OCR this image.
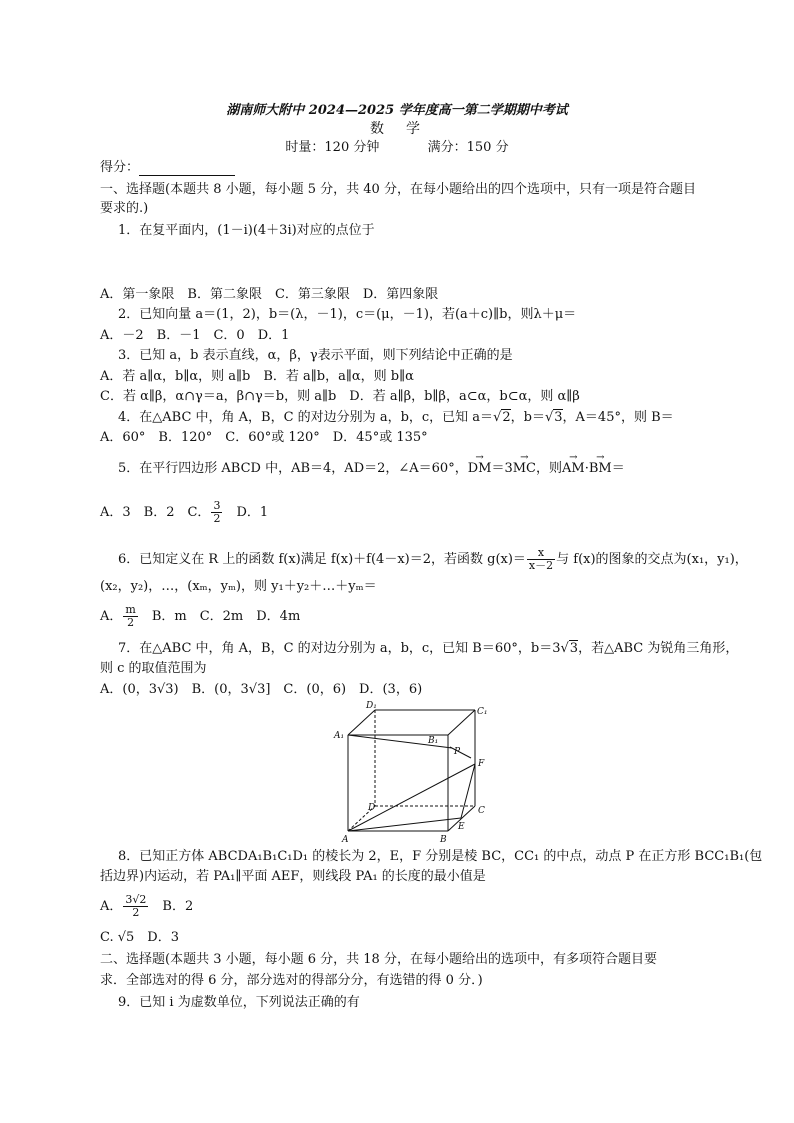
湖南师大附中 2024—2025 学年度高一第二学期期中考试
数　学
时量：120 分钟	满分：150 分
得分：
一、选择题(本题共 8 小题，每小题 5 分，共 40 分，在每小题给出的四个选项中，只有一项是符合题目
要求的.)
1．在复平面内，(1－i)(4＋3i)对应的点位于
A．第一象限　B．第二象限　C．第三象限　D．第四象限
2．已知向量 a＝(1，2)，b＝(λ，－1)，c＝(μ，－1)，若(a＋c)∥b，则λ＋μ＝
A．－2　B．－1　C．0　D．1
3．已知 a，b 表示直线，α，β，γ表示平面，则下列结论中正确的是
A．若 a∥α，b∥α，则 a∥b　B．若 a∥b，a∥α，则 b∥α
C．若 α∥β，α∩γ＝a，β∩γ＝b，则 a∥b　D．若 a∥β，b∥β，a⊂α，b⊂α，则 α∥β
4．在△ABC 中，角 A，B，C 的对边分别为 a，b，c，已知 a＝√2，b＝√3，A＝45°，则 B＝
A．60°　B．120°　C．60°或 120°　D．45°或 135°
5．在平行四边形 ABCD 中，AB＝4，AD＝2，∠A＝60°，→ DM＝3→ MC，则→ AM·→ BM＝
A．3　B．2　C． $\frac{3}{2}$ 　D．1
6．已知定义在 R 上的函数 f(x)满足 f(x)＋f(4－x)＝2，若函数 $g(x)= \frac{x}{x-2}$ 与 f(x)的图象的交点为(x₁，y₁)，
(x₂，y₂)，…，(xₘ，yₘ)，则 y₁＋y₂＋…＋yₘ＝
A． $\frac{m}{2}$ 　B．m　C．2m　D．4m
7．在△ABC 中，角 A，B，C 的对边分别为 a，b，c，已知 B＝60°，b＝3√3，若△ABC 为锐角三角形，
则 c 的取值范围为
A．(0，3√3)　B．(0，3√3]　C．(0，6)　D．(3，6)
D₁
C₁
A₁	B₁
P
F
D	C
A	B
E
8．已知正方体 ABCDA₁B₁C₁D₁ 的棱长为 2，E，F 分别是棱 BC，CC₁ 的中点，动点 P 在正方形 BCC₁B₁(包
括边界)内运动，若 PA₁∥平面 AEF，则线段 PA₁ 的长度的最小值是
A． $\frac{3√2}{2}$ 　B．2
C. √5　D．3
二、选择题(本题共 3 小题，每小题 6 分，共 18 分，在每小题给出的选项中，有多项符合题目要
求．全部选对的得 6 分，部分选对的得部分分，有选错的得 0 分．)
9．已知 i 为虚数单位，下列说法正确的有
